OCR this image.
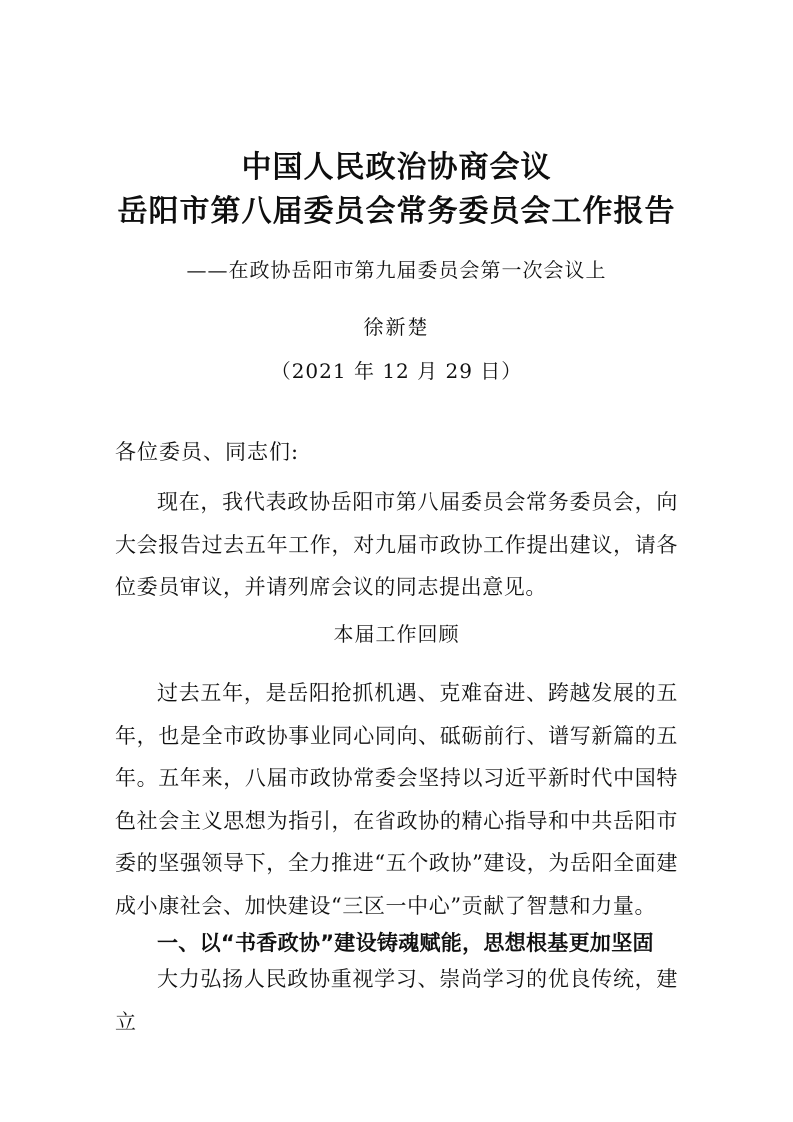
中国人民政治协商会议
岳阳市第八届委员会常务委员会工作报告
——在政协岳阳市第九届委员会第一次会议上
徐新楚
（2021 年 12 月 29 日）
各位委员、同志们:
现在，我代表政协岳阳市第八届委员会常务委员会，向大会报告过去五年工作，对九届市政协工作提出建议，请各位委员审议，并请列席会议的同志提出意见。
本届工作回顾
过去五年，是岳阳抢抓机遇、克难奋进、跨越发展的五年，也是全市政协事业同心同向、砥砺前行、谱写新篇的五年。五年来，八届市政协常委会坚持以习近平新时代中国特色社会主义思想为指引，在省政协的精心指导和中共岳阳市委的坚强领导下，全力推进“五个政协”建设，为岳阳全面建成小康社会、加快建设“三区一中心”贡献了智慧和力量。
一、以“书香政协”建设铸魂赋能，思想根基更加坚固
大力弘扬人民政协重视学习、崇尚学习的优良传统，建立
